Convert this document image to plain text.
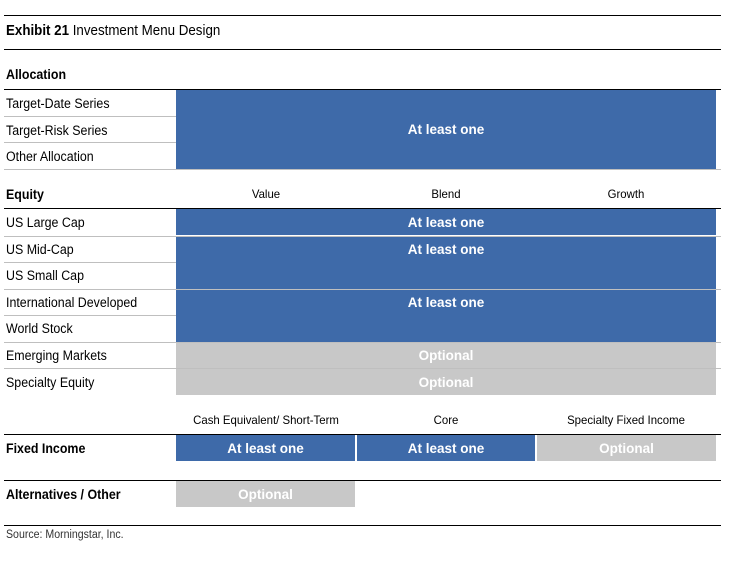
Exhibit 21 Investment Menu Design
Allocation
Target-Date Series
Target-Risk Series
Other Allocation
At least one
Equity	Value	Blend	Growth
US Large Cap	At least one
US Mid-Cap
US Small Cap
At least one
International Developed
World Stock
At least one
Emerging Markets	Optional
Specialty Equity	Optional
Cash Equivalent/ Short-Term	Core	Specialty Fixed Income
Fixed Income	At least one	At least one	Optional
Alternatives / Other	Optional
Source: Morningstar, Inc.
